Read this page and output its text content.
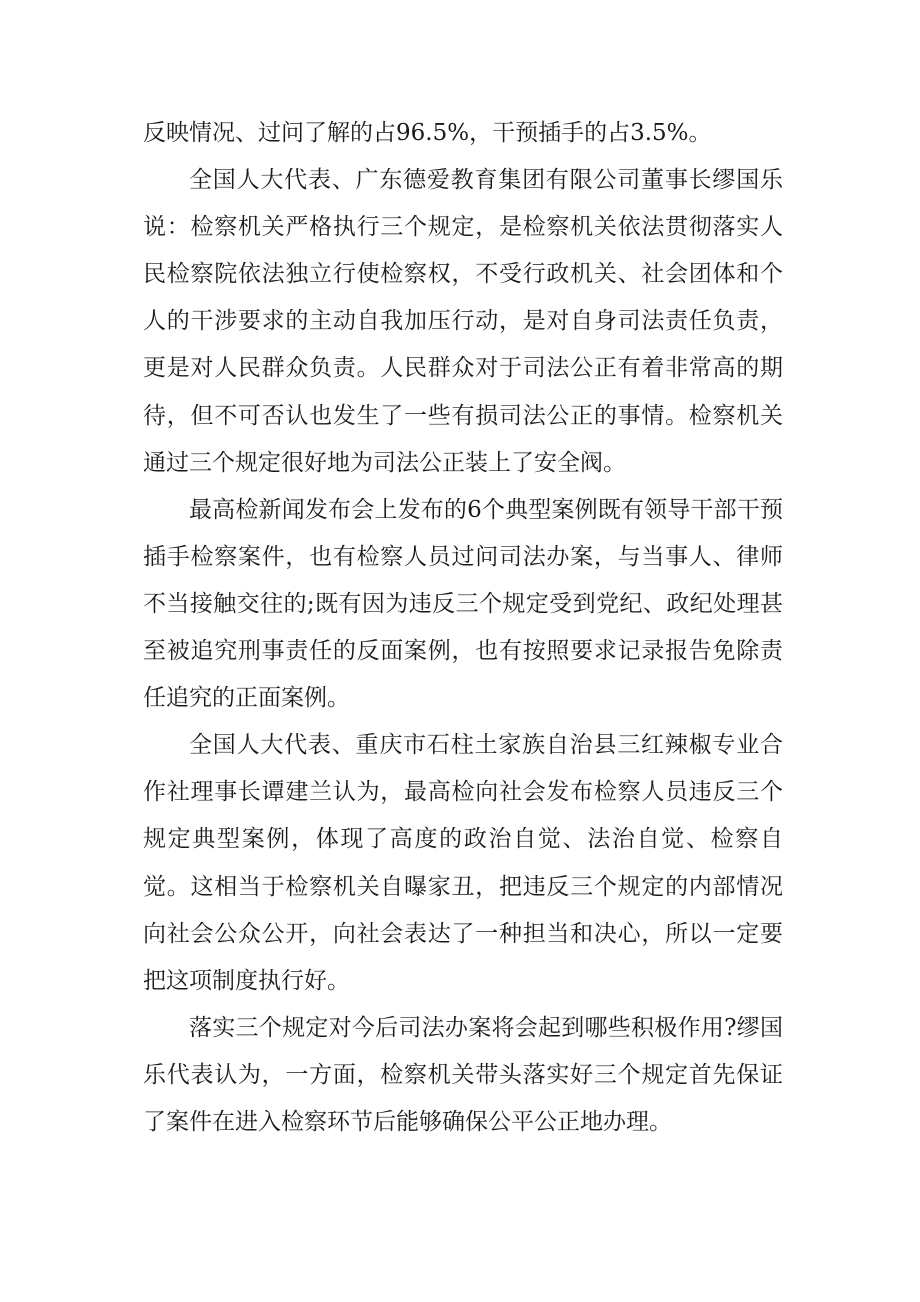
反映情况、过问了解的占96.5%，干预插手的占3.5%。

全国人大代表、广东德爱教育集团有限公司董事长缪国乐说：检察机关严格执行三个规定，是检察机关依法贯彻落实人民检察院依法独立行使检察权，不受行政机关、社会团体和个人的干涉要求的主动自我加压行动，是对自身司法责任负责，更是对人民群众负责。人民群众对于司法公正有着非常高的期待，但不可否认也发生了一些有损司法公正的事情。检察机关通过三个规定很好地为司法公正装上了安全阀。

最高检新闻发布会上发布的6个典型案例既有领导干部干预插手检察案件，也有检察人员过问司法办案，与当事人、律师不当接触交往的;既有因为违反三个规定受到党纪、政纪处理甚至被追究刑事责任的反面案例，也有按照要求记录报告免除责任追究的正面案例。

全国人大代表、重庆市石柱土家族自治县三红辣椒专业合作社理事长谭建兰认为，最高检向社会发布检察人员违反三个规定典型案例，体现了高度的政治自觉、法治自觉、检察自觉。这相当于检察机关自曝家丑，把违反三个规定的内部情况向社会公众公开，向社会表达了一种担当和决心，所以一定要把这项制度执行好。

落实三个规定对今后司法办案将会起到哪些积极作用?缪国乐代表认为，一方面，检察机关带头落实好三个规定首先保证了案件在进入检察环节后能够确保公平公正地办理。
